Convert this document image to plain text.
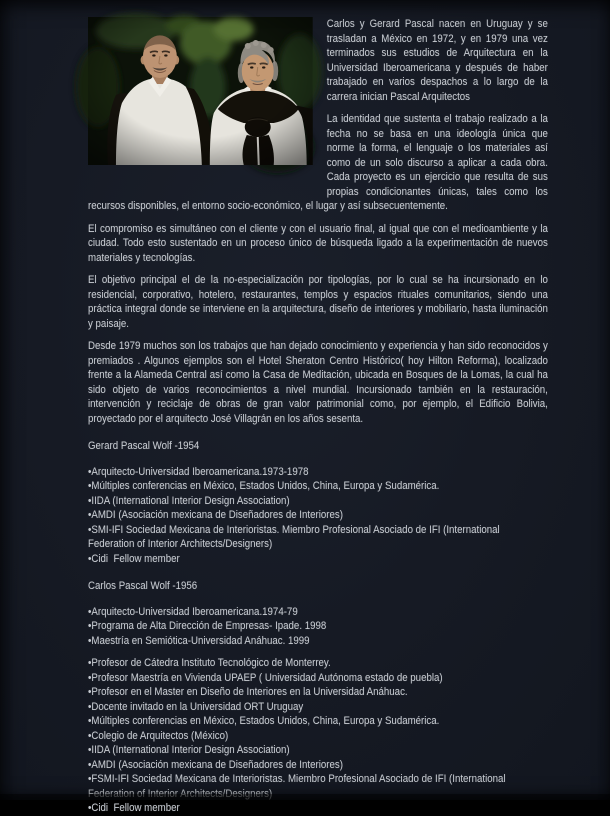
Carlos y Gerard Pascal nacen en Uruguay y se trasladan a México en 1972, y en 1979 una vez terminados sus estudios de Arquitectura en la Universidad Iberoamericana y después de haber trabajado en varios despachos a lo largo de la carrera inician Pascal Arquitectos

La identidad que sustenta el trabajo realizado a la fecha no se basa en una ideología única que norme la forma, el lenguaje o los materiales así como de un solo discurso a aplicar a cada obra. Cada proyecto es un ejercicio que resulta de sus propias condicionantes únicas, tales como los recursos disponibles, el entorno socio-económico, el lugar y así subsecuentemente.

El compromiso es simultáneo con el cliente y con el usuario final, al igual que con el medioambiente y la ciudad. Todo esto sustentado en un proceso único de búsqueda ligado a la experimentación de nuevos materiales y tecnologías.

El objetivo principal el de la no-especialización por tipologías, por lo cual se ha incursionado en lo residencial, corporativo, hotelero, restaurantes, templos y espacios rituales comunitarios, siendo una práctica integral donde se interviene en la arquitectura, diseño de interiores y mobiliario, hasta iluminación y paisaje.

Desde 1979 muchos son los trabajos que han dejado conocimiento y experiencia y han sido reconocidos y premiados . Algunos ejemplos son el Hotel Sheraton Centro Histórico( hoy Hilton Reforma), localizado frente a la Alameda Central así como la Casa de Meditación, ubicada en Bosques de la Lomas, la cual ha sido objeto de varios reconocimientos a nivel mundial. Incursionado también en la restauración, intervención y reciclaje de obras de gran valor patrimonial como, por ejemplo, el Edificio Bolivia, proyectado por el arquitecto José Villagrán en los años sesenta.

Gerard Pascal Wolf -1954
•Arquitecto-Universidad Iberoamericana.1973-1978
•Múltiples conferencias en México, Estados Unidos, China, Europa y Sudamérica.
•IIDA (International Interior Design Association)
•AMDI (Asociación mexicana de Diseñadores de Interiores)
•SMI-IFI Sociedad Mexicana de Interioristas. Miembro Profesional Asociado de IFI (International Federation of Interior Architects/Designers)
•Cidi  Fellow member
Carlos Pascal Wolf -1956
•Arquitecto-Universidad Iberoamericana.1974-79
•Programa de Alta Dirección de Empresas- Ipade. 1998
•Maestría en Semiótica-Universidad Anáhuac. 1999
•Profesor de Cátedra Instituto Tecnológico de Monterrey.
•Profesor Maestría en Vivienda UPAEP ( Universidad Autónoma estado de puebla)
•Profesor en el Master en Diseño de Interiores en la Universidad Anáhuac.
•Docente invitado en la Universidad ORT Uruguay
•Múltiples conferencias en México, Estados Unidos, China, Europa y Sudamérica.
•Colegio de Arquitectos (México)
•IIDA (International Interior Design Association)
•AMDI (Asociación mexicana de Diseñadores de Interiores)
•FSMI-IFI Sociedad Mexicana de Interioristas. Miembro Profesional Asociado de IFI (International Federation of Interior Architects/Designers)
•Cidi  Fellow member
